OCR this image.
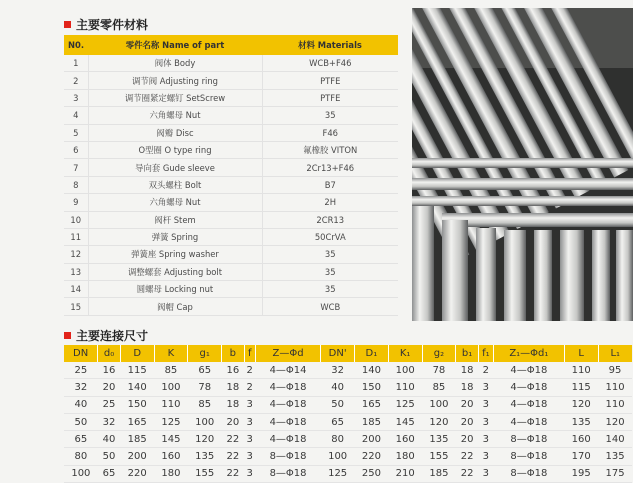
主要零件材料
N0.	零件名称 Name of part	材料 Materials
1	阀体 Body	WCB+F46
2	调节阀 Adjusting ring	PTFE
3	调节圈紧定螺钉 SetScrew	PTFE
4	六角螺母 Nut	35
5	阀瓣 Disc	F46
6	O型圈 O type ring	氟橡胶 VITON
7	导向套 Gude sleeve	2Cr13+F46
8	双头螺柱 Bolt	B7
9	六角螺母 Nut	2H
10	阀杆 Stem	2CR13
11	弹簧 Spring	50CrVA
12	弹簧座 Spring washer	35
13	调整螺套 Adjusting bolt	35
14	圆螺母 Locking nut	35
15	阀帽 Cap	WCB
主要连接尺寸
DN	d₀	D	K	g₁	b	f	Z—Φd	DN'	D₁	K₁	g₂	b₁	f₁	Z₁—Φd₁	L	L₁
25	16	115	85	65	16	2	4—Φ14	32	140	100	78	18	2	4—Φ18	110	95
32	20	140	100	78	18	2	4—Φ18	40	150	110	85	18	3	4—Φ18	115	110
40	25	150	110	85	18	3	4—Φ18	50	165	125	100	20	3	4—Φ18	120	110
50	32	165	125	100	20	3	4—Φ18	65	185	145	120	20	3	4—Φ18	135	120
65	40	185	145	120	22	3	4—Φ18	80	200	160	135	20	3	8—Φ18	160	140
80	50	200	160	135	22	3	8—Φ18	100	220	180	155	22	3	8—Φ18	170	135
100	65	220	180	155	22	3	8—Φ18	125	250	210	185	22	3	8—Φ18	195	175
